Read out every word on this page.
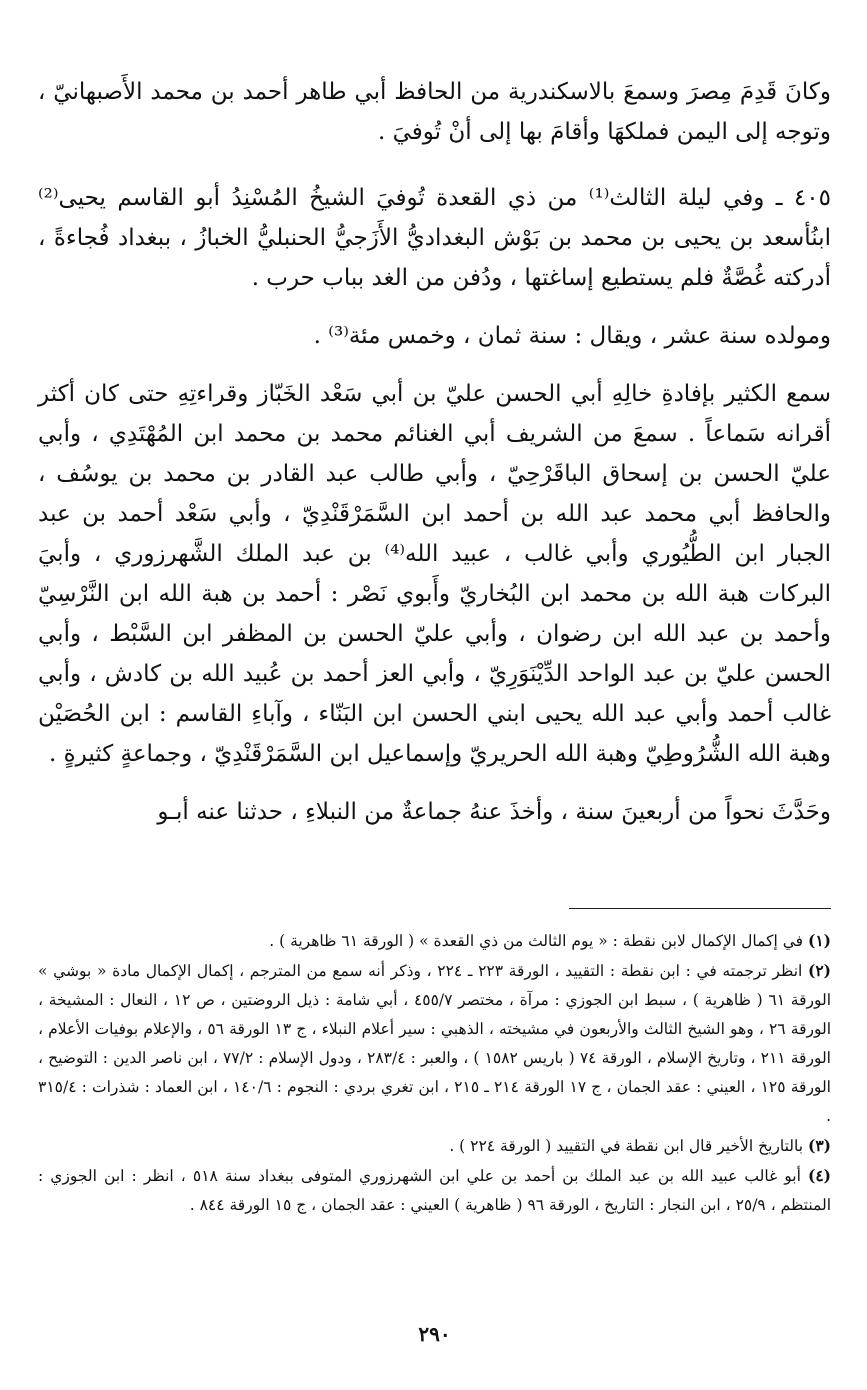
وكانَ قَدِمَ مِصرَ وسمعَ بالاسكندرية من الحافظ أبي طاهر أحمد بن محمد الأَصبهانيّ ، وتوجه إلى اليمن فملكهَا وأقامَ بها إلى أنْ تُوفيَ .

٤٠٥ ـ وفي ليلة الثالث⁽¹⁾ من ذي القعدة تُوفيَ الشيخُ المُسْنِدُ أبو القاسم يحيى⁽²⁾ ابنُأسعد بن يحيى بن محمد بن بَوْش البغداديُّ الأَزَجيُّ الحنبليُّ الخبازُ ، ببغداد فُجاءةً ، أدركته غُصَّةٌ فلم يستطيع إساغتها ، ودُفن من الغد بباب حرب .

ومولده سنة عشر ، ويقال : سنة ثمان ، وخمس مئة⁽³⁾ .

سمع الكثير بإفادةِ خالِهِ أبي الحسن عليّ بن أبي سَعْد الخَبّاز وقراءتِهِ حتى كان أكثر أقرانه سَماعاً . سمعَ من الشريف أبي الغنائم محمد بن محمد ابن المُهْتَدِي ، وأبي عليّ الحسن بن إسحاق الباقَرْحِيّ ، وأبي طالب عبد القادر بن محمد بن يوسُف ، والحافظ أبي محمد عبد الله بن أحمد ابن السَّمَرْقَنْدِيّ ، وأبي سَعْد أحمد بن عبد الجبار ابن الطُّيُوري وأبي غالب ، عبيد الله⁽⁴⁾ بن عبد الملك الشَّهرزوري ، وأبيَ البركات هبة الله بن محمد ابن البُخاريّ وأَبوي نَصْر : أحمد بن هبة الله ابن النَّرْسِيّ وأحمد بن عبد الله ابن رضوان ، وأبي عليّ الحسن بن المظفر ابن السَّبْط ، وأبي الحسن عليّ بن عبد الواحد الدِّيْنَوَرِيّ ، وأبي العز أحمد بن عُبيد الله بن كادش ، وأبي غالب أحمد وأبي عبد الله يحيى ابني الحسن ابن البَنّاء ، وآباءِ القاسم : ابن الحُصَيْن وهبة الله الشُّرُوطِيّ وهبة الله الحريريّ وإسماعيل ابن السَّمَرْقَنْدِيّ ، وجماعةٍ كثيرةٍ .

وحَدَّثَ نحواً من أربعينَ سنة ، وأخذَ عنهُ جماعةٌ من النبلاءِ ، حدثنا عنه أبـو

(١) في إكمال الإكمال لابن نقطة : « يوم الثالث من ذي القعدة » ( الورقة ٦١ ظاهرية ) .

(٢) انظر ترجمته في : ابن نقطة : التقييد ، الورقة ٢٢٣ ـ ٢٢٤ ، وذكر أنه سمع من المترجم ، إكمال الإكمال مادة « بوشي » الورقة ٦١ ( ظاهرية ) ، سبط ابن الجوزي : مرآة ، مختصر ٤٥٥/٧ ، أبي شامة : ذيل الروضتين ، ص ١٢ ، النعال : المشيخة ، الورقة ٢٦ ، وهو الشيخ الثالث والأربعون في مشيخته ، الذهبي : سير أعلام النبلاء ، ج ١٣ الورقة ٥٦ ، والإعلام بوفيات الأعلام ، الورقة ٢١١ ، وتاريخ الإسلام ، الورقة ٧٤ ( باريس ١٥٨٢ ) ، والعبر : ٢٨٣/٤ ، ودول الإسلام : ٧٧/٢ ، ابن ناصر الدين : التوضيح ، الورقة ١٢٥ ، العيني : عقد الجمان ، ج ١٧ الورقة ٢١٤ ـ ٢١٥ ، ابن تغري بردي : النجوم : ١٤٠/٦ ، ابن العماد : شذرات : ٣١٥/٤ .

(٣) بالتاريخ الأخير قال ابن نقطة في التقييد ( الورقة ٢٢٤ ) .

(٤) أبو غالب عبيد الله بن عبد الملك بن أحمد بن علي ابن الشهرزوري المتوفى ببغداد سنة ٥١٨ ، انظر : ابن الجوزي : المنتظم ، ٢٥/٩ ، ابن النجار : التاريخ ، الورقة ٩٦ ( ظاهرية ) العيني : عقد الجمان ، ج ١٥ الورقة ٨٤٤ .

٢٩٠
